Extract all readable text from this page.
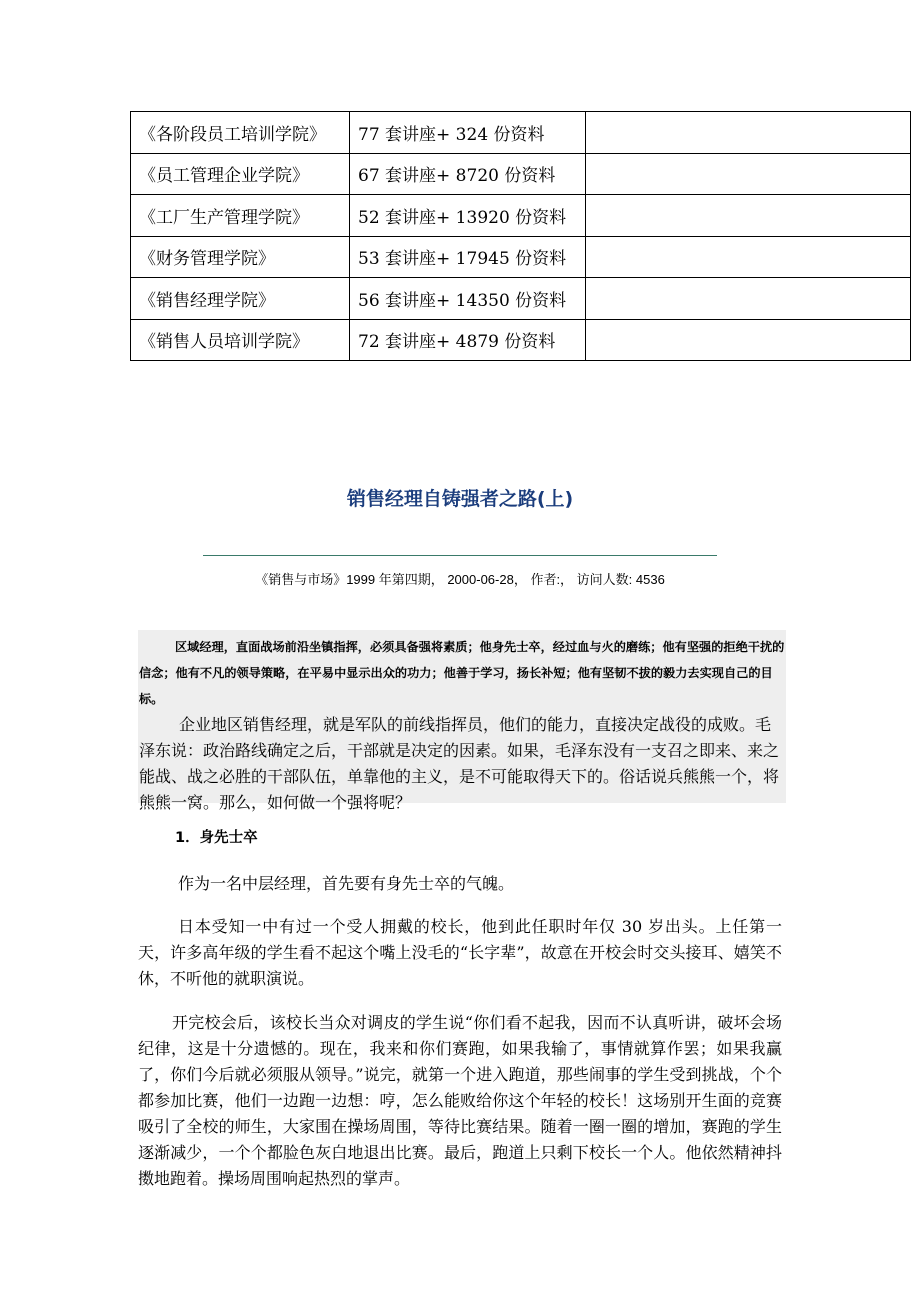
《各阶段员工培训学院》	77 套讲座+ 324 份资料	
《员工管理企业学院》	67 套讲座+ 8720 份资料	
《工厂生产管理学院》	52 套讲座+ 13920 份资料	
《财务管理学院》	53 套讲座+ 17945 份资料	
《销售经理学院》	56 套讲座+ 14350 份资料	
《销售人员培训学院》	72 套讲座+ 4879 份资料	
销售经理自铸强者之路(上)
《销售与市场》1999 年第四期， 2000-06-28， 作者:， 访问人数: 4536

区域经理，直面战场前沿坐镇指挥，必须具备强将素质；他身先士卒，经过血与火的磨练；他有坚强的拒绝干扰的信念；他有不凡的领导策略，在平易中显示出众的功力；他善于学习，扬长补短；他有坚韧不拔的毅力去实现自己的目标。

企业地区销售经理，就是军队的前线指挥员，他们的能力，直接决定战役的成败。毛泽东说：政治路线确定之后，干部就是决定的因素。如果，毛泽东没有一支召之即来、来之能战、战之必胜的干部队伍，单靠他的主义，是不可能取得天下的。俗话说兵熊熊一个，将熊熊一窝。那么，如何做一个强将呢？

1．身先士卒

作为一名中层经理，首先要有身先士卒的气魄。

日本受知一中有过一个受人拥戴的校长，他到此任职时年仅 30 岁出头。上任第一天，许多高年级的学生看不起这个嘴上没毛的“长字辈”，故意在开校会时交头接耳、嬉笑不休，不听他的就职演说。

开完校会后，该校长当众对调皮的学生说“你们看不起我，因而不认真听讲，破坏会场纪律，这是十分遗憾的。现在，我来和你们赛跑，如果我输了，事情就算作罢；如果我赢了，你们今后就必须服从领导。”说完，就第一个进入跑道，那些闹事的学生受到挑战，个个都参加比赛，他们一边跑一边想：哼，怎么能败给你这个年轻的校长！这场别开生面的竞赛吸引了全校的师生，大家围在操场周围，等待比赛结果。随着一圈一圈的增加，赛跑的学生逐渐减少，一个个都脸色灰白地退出比赛。最后，跑道上只剩下校长一个人。他依然精神抖擞地跑着。操场周围响起热烈的掌声。
